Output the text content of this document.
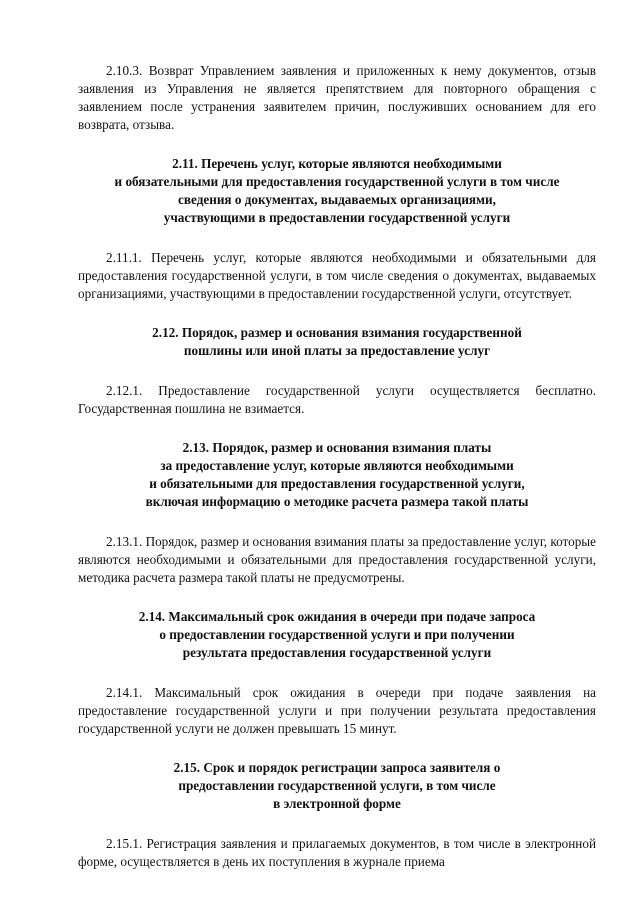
2.10.3. Возврат Управлением заявления и приложенных к нему документов, отзыв заявления из Управления не является препятствием для повторного обращения с заявлением после устранения заявителем причин, послуживших основанием для его возврата, отзыва.

2.11. Перечень услуг, которые являются необходимыми
и обязательными для предоставления государственной услуги в том числе
сведения о документах, выдаваемых организациями,
участвующими в предоставлении государственной услуги

2.11.1. Перечень услуг, которые являются необходимыми и обязательными для предоставления государственной услуги, в том числе сведения о документах, выдаваемых организациями, участвующими в предоставлении государственной услуги, отсутствует.

2.12. Порядок, размер и основания взимания государственной
пошлины или иной платы за предоставление услуг

2.12.1. Предоставление государственной услуги осуществляется бесплатно. Государственная пошлина не взимается.

2.13. Порядок, размер и основания взимания платы
за предоставление услуг, которые являются необходимыми
и обязательными для предоставления государственной услуги,
включая информацию о методике расчета размера такой платы

2.13.1. Порядок, размер и основания взимания платы за предоставление услуг, которые являются необходимыми и обязательными для предоставления государственной услуги, методика расчета размера такой платы не предусмотрены.

2.14. Максимальный срок ожидания в очереди при подаче запроса
о предоставлении государственной услуги и при получении
результата предоставления государственной услуги

2.14.1. Максимальный срок ожидания в очереди при подаче заявления на предоставление государственной услуги и при получении результата предоставления государственной услуги не должен превышать 15 минут.

2.15. Срок и порядок регистрации запроса заявителя о
предоставлении государственной услуги, в том числе
в электронной форме

2.15.1. Регистрация заявления и прилагаемых документов, в том числе в электронной форме, осуществляется в день их поступления в журнале приема
